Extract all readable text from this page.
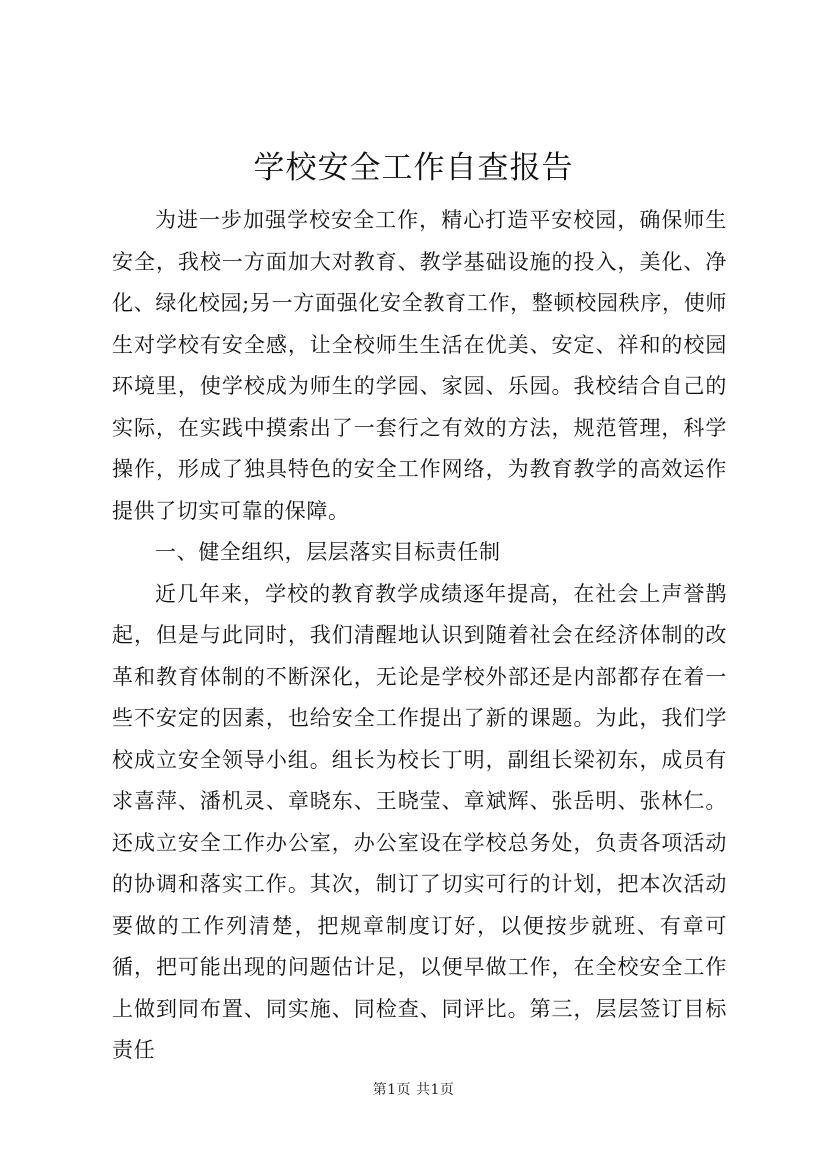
学校安全工作自查报告

为进一步加强学校安全工作，精心打造平安校园，确保师生安全，我校一方面加大对教育、教学基础设施的投入，美化、净化、绿化校园;另一方面强化安全教育工作，整顿校园秩序，使师生对学校有安全感，让全校师生生活在优美、安定、祥和的校园环境里，使学校成为师生的学园、家园、乐园。我校结合自己的实际，在实践中摸索出了一套行之有效的方法，规范管理，科学操作，形成了独具特色的安全工作网络，为教育教学的高效运作提供了切实可靠的保障。

一、健全组织，层层落实目标责任制

近几年来，学校的教育教学成绩逐年提高，在社会上声誉鹊起，但是与此同时，我们清醒地认识到随着社会在经济体制的改革和教育体制的不断深化，无论是学校外部还是内部都存在着一些不安定的因素，也给安全工作提出了新的课题。为此，我们学校成立安全领导小组。组长为校长丁明，副组长梁初东，成员有求喜萍、潘机灵、章晓东、王晓莹、章斌辉、张岳明、张林仁。还成立安全工作办公室，办公室设在学校总务处，负责各项活动的协调和落实工作。其次，制订了切实可行的计划，把本次活动要做的工作列清楚，把规章制度订好，以便按步就班、有章可循，把可能出现的问题估计足，以便早做工作，在全校安全工作上做到同布置、同实施、同检查、同评比。第三，层层签订目标责任

第1页 共1页
